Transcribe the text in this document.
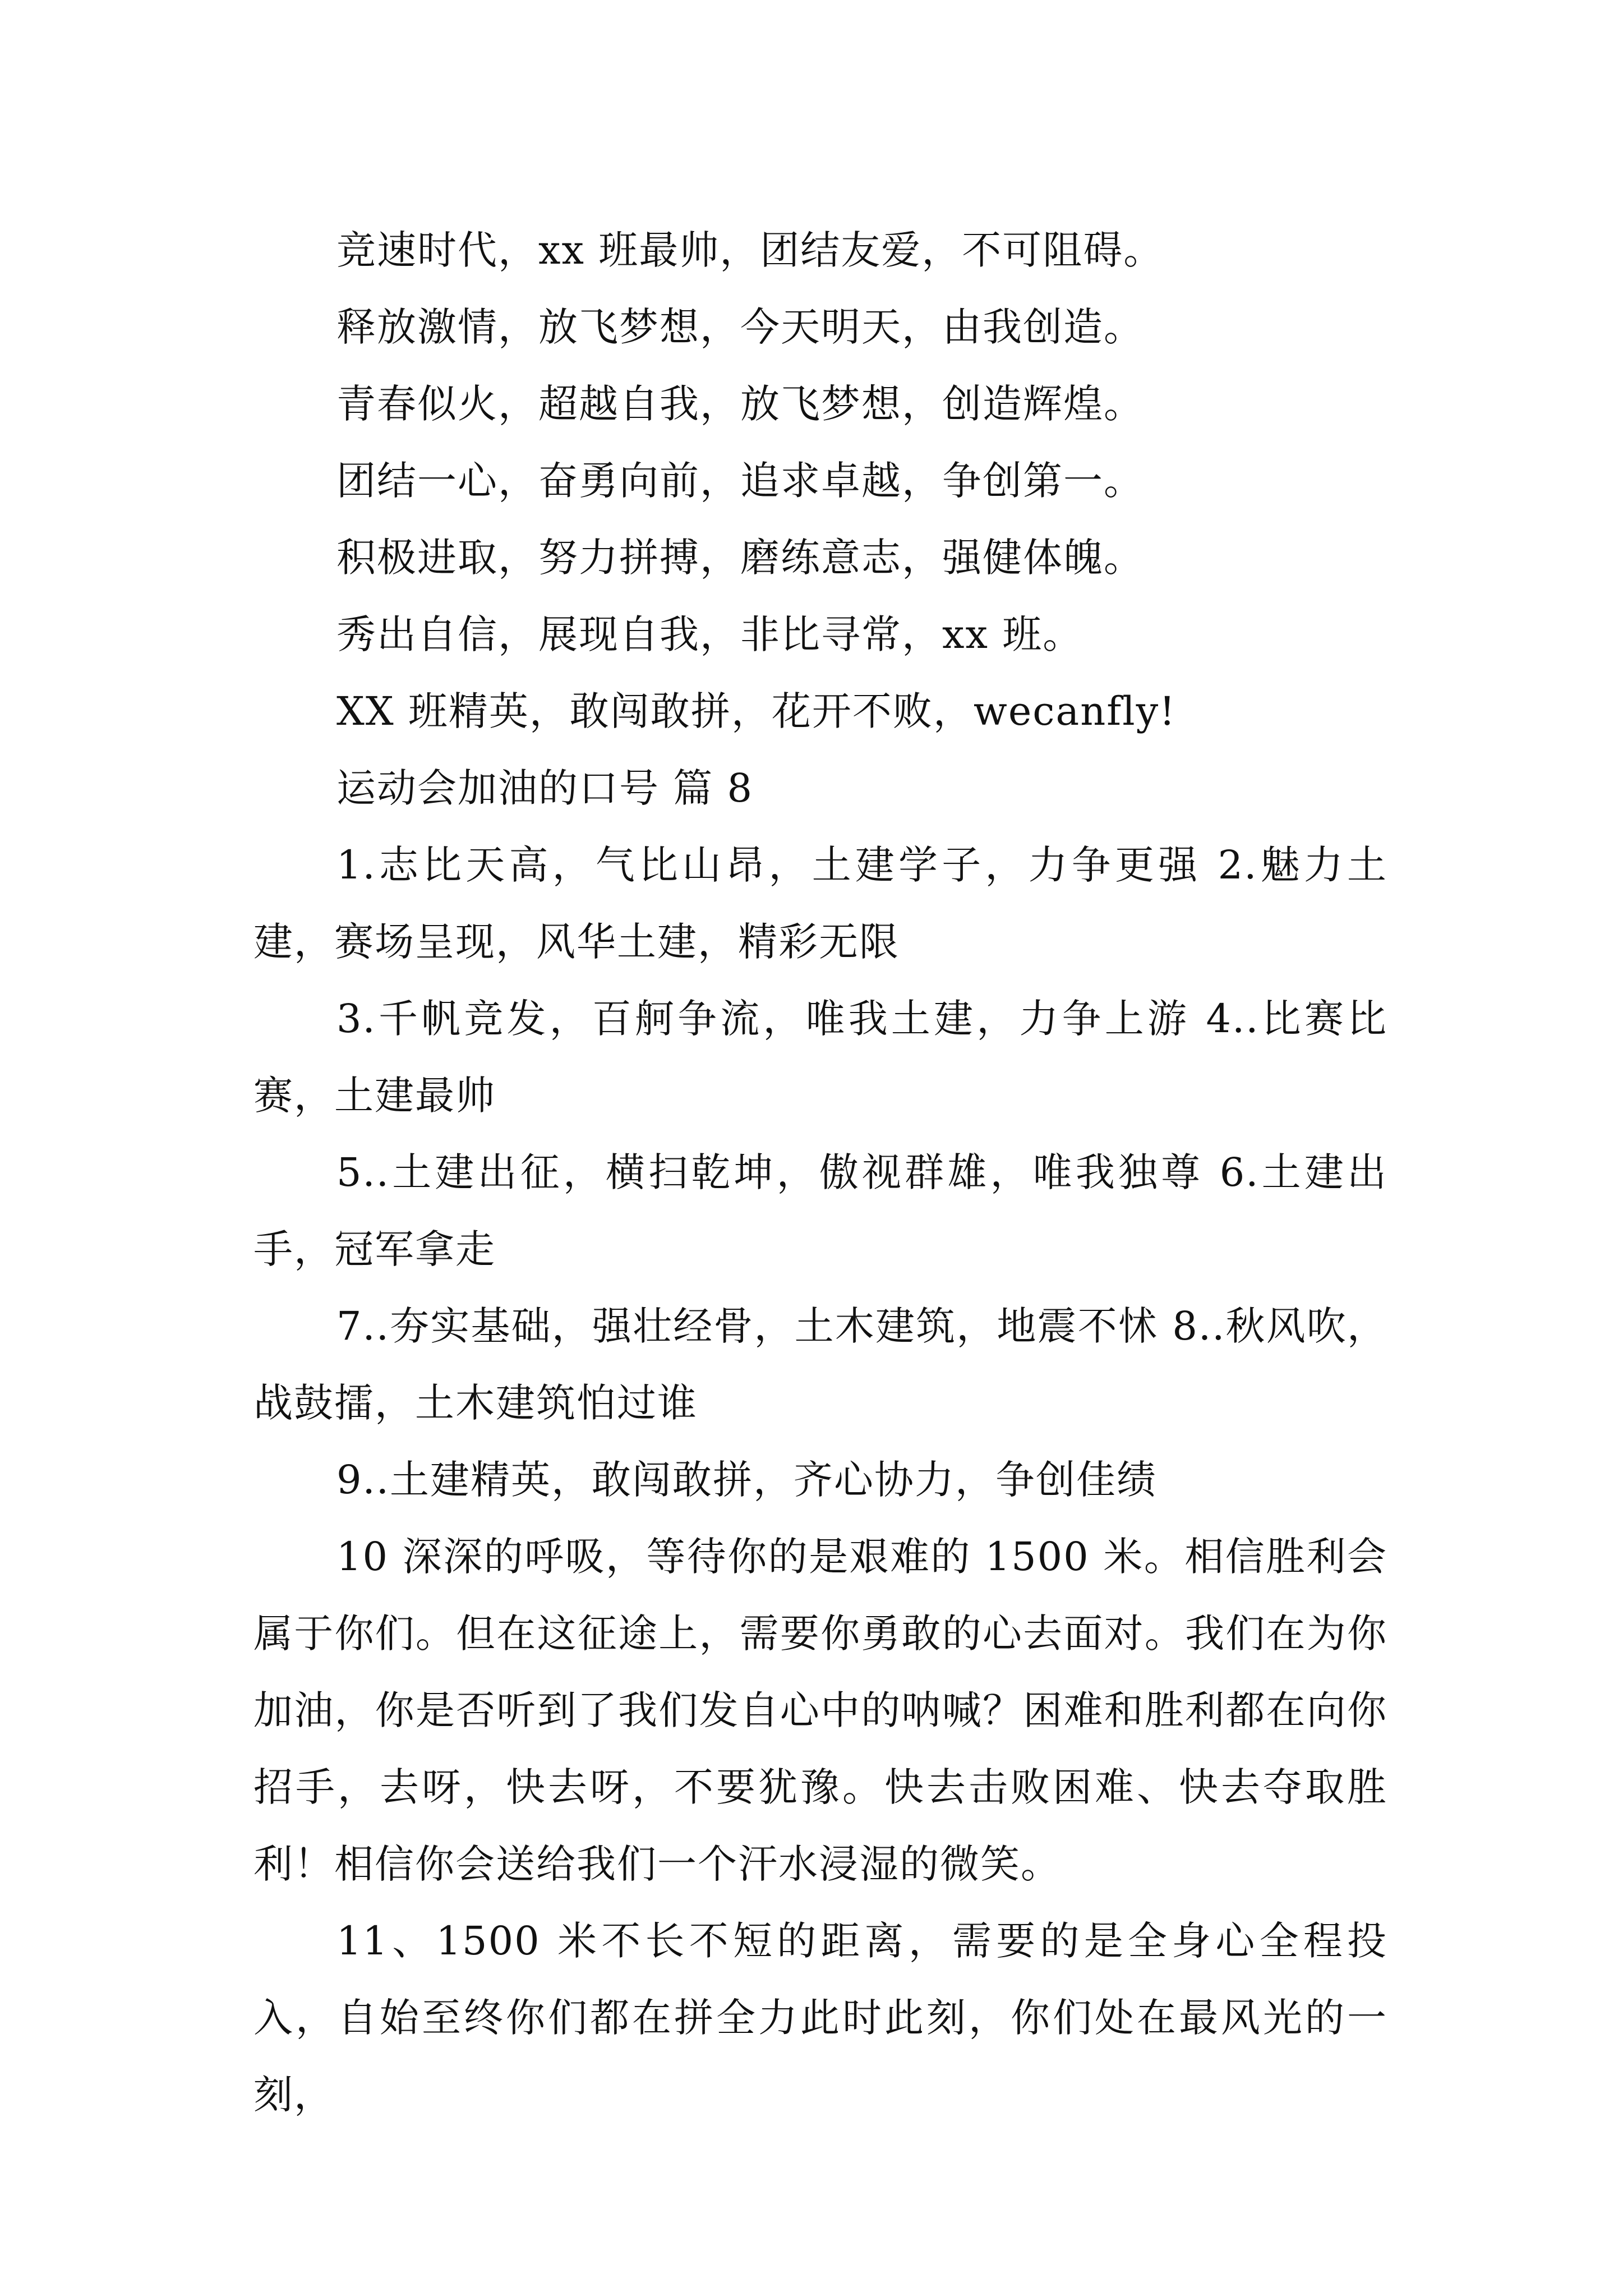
竞速时代，xx 班最帅，团结友爱，不可阻碍。
释放激情，放飞梦想，今天明天，由我创造。
青春似火，超越自我，放飞梦想，创造辉煌。
团结一心，奋勇向前，追求卓越，争创第一。
积极进取，努力拼搏，磨练意志，强健体魄。
秀出自信，展现自我，非比寻常，xx 班。
XX 班精英，敢闯敢拼，花开不败，wecanfly!
运动会加油的口号 篇 8
1.志比天高，气比山昂，土建学子，力争更强 2.魅力土建，赛场呈现，风华土建，精彩无限
3.千帆竞发，百舸争流，唯我土建，力争上游 4..比赛比赛，土建最帅
5..土建出征，横扫乾坤，傲视群雄，唯我独尊 6.土建出手，冠军拿走
7..夯实基础，强壮经骨，土木建筑，地震不怵 8..秋风吹，战鼓擂，土木建筑怕过谁
9..土建精英，敢闯敢拼，齐心协力，争创佳绩
10 深深的呼吸，等待你的是艰难的 1500 米。相信胜利会属于你们。但在这征途上，需要你勇敢的心去面对。我们在为你加油，你是否听到了我们发自心中的呐喊？困难和胜利都在向你招手，去呀，快去呀，不要犹豫。快去击败困难、快去夺取胜利！相信你会送给我们一个汗水浸湿的微笑。
11、1500 米不长不短的距离，需要的是全身心全程投入，自始至终你们都在拼全力此时此刻，你们处在最风光的一刻，
